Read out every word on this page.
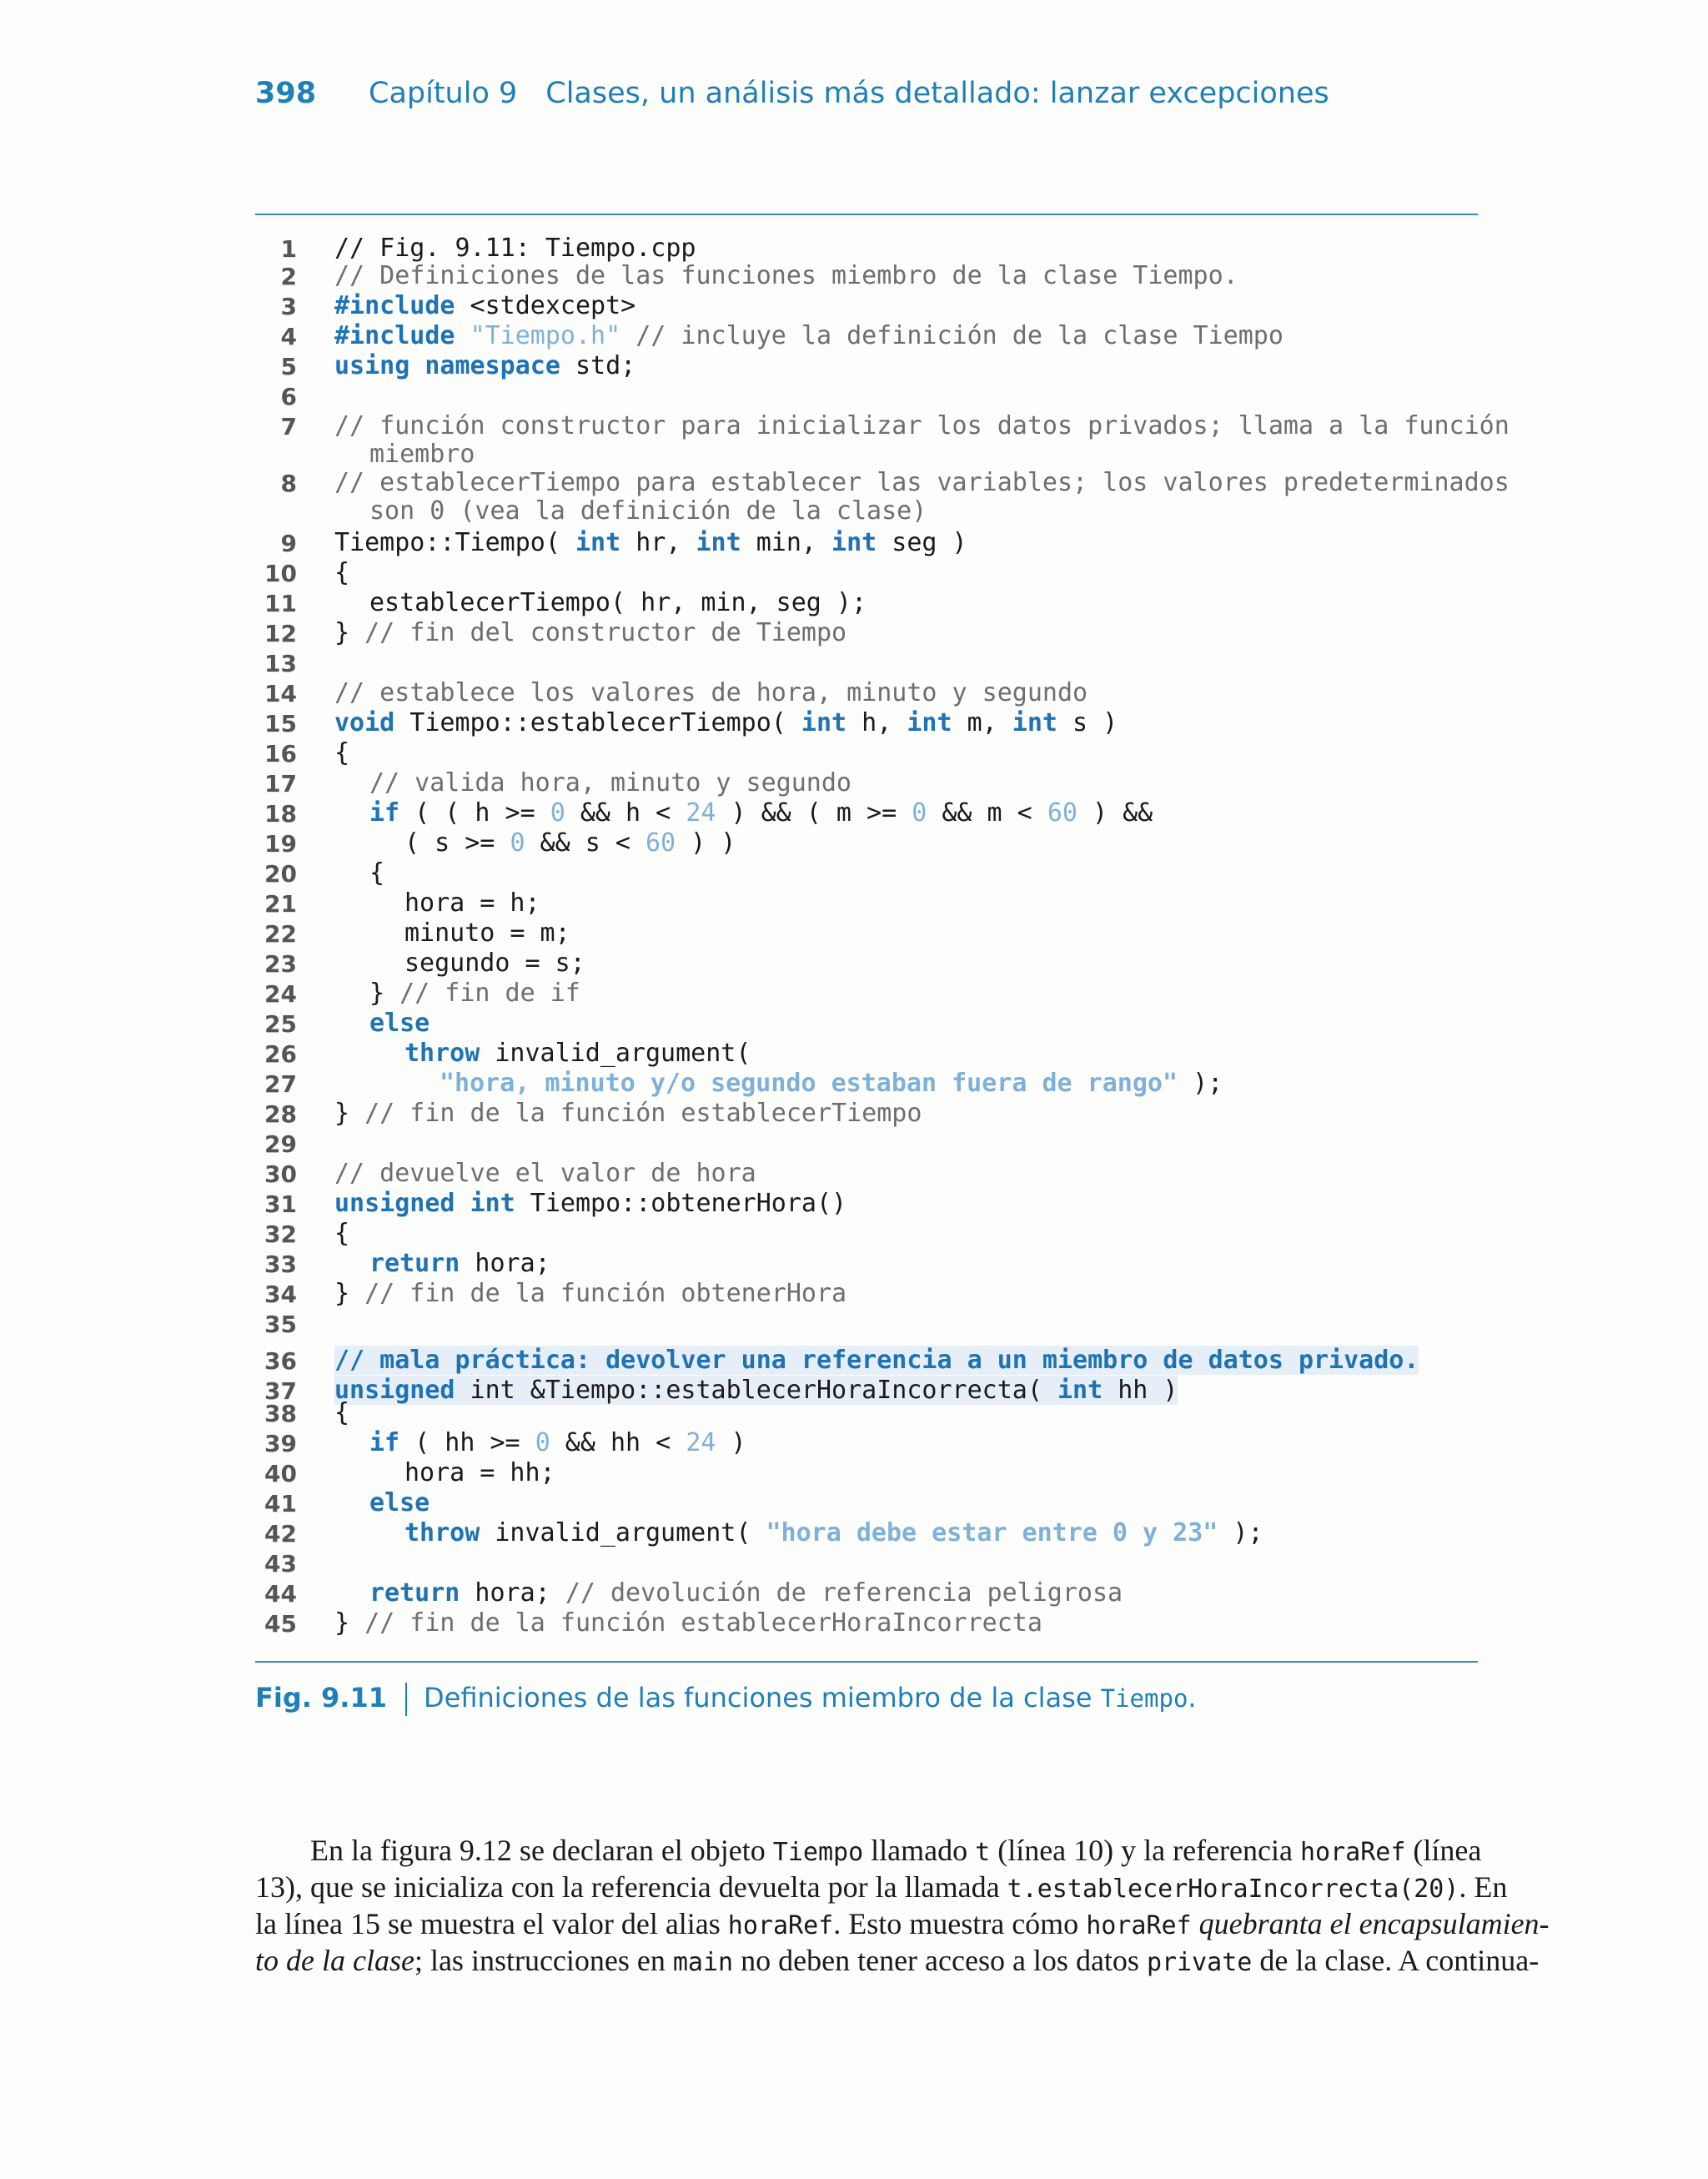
398 Capítulo 9 Clases, un análisis más detallado: lanzar excepciones
1 // Fig. 9.11: Tiempo.cpp
2 // Definiciones de las funciones miembro de la clase Tiempo.
3 #include <stdexcept>
4 #include "Tiempo.h" // incluye la definición de la clase Tiempo
5 using namespace std;
6
7 // función constructor para inicializar los datos privados; llama a la función
miembro
8 // establecerTiempo para establecer las variables; los valores predeterminados
son 0 (vea la definición de la clase)
9 Tiempo::Tiempo( int hr, int min, int seg )
10 {
11	establecerTiempo( hr, min, seg );
12 } // fin del constructor de Tiempo
13
14 // establece los valores de hora, minuto y segundo
15 void Tiempo::establecerTiempo( int h, int m, int s )
16 {
17	// valida hora, minuto y segundo
18	if ( ( h >= 0 && h < 24 ) && ( m >= 0 && m < 60 ) &&
19	( s >= 0 && s < 60 ) )
20	{
21	hora = h;
22	minuto = m;
23	segundo = s;
24	} // fin de if
25	else
26	throw invalid_argument(
27	"hora, minuto y/o segundo estaban fuera de rango" );
28 } // fin de la función establecerTiempo
29
30 // devuelve el valor de hora
31 unsigned int Tiempo::obtenerHora()
32 {
33	return hora;
34 } // fin de la función obtenerHora
35
36 // mala práctica: devolver una referencia a un miembro de datos privado.
37 unsigned int &Tiempo::establecerHoraIncorrecta( int hh )
38 {
39	if ( hh >= 0 && hh < 24 )
40	hora = hh;
41	else
42	throw invalid_argument( "hora debe estar entre 0 y 23" );
43
44	return hora; // devolución de referencia peligrosa
45 } // fin de la función establecerHoraIncorrecta
Fig. 9.11 Definiciones de las funciones miembro de la clase Tiempo.
En la figura 9.12 se declaran el objeto Tiempo llamado t (línea 10) y la referencia horaRef (línea
13), que se inicializa con la referencia devuelta por la llamada t.establecerHoraIncorrecta(20). En
la línea 15 se muestra el valor del alias horaRef. Esto muestra cómo horaRef quebranta el encapsulamien-
to de la clase; las instrucciones en main no deben tener acceso a los datos private de la clase. A continua-
